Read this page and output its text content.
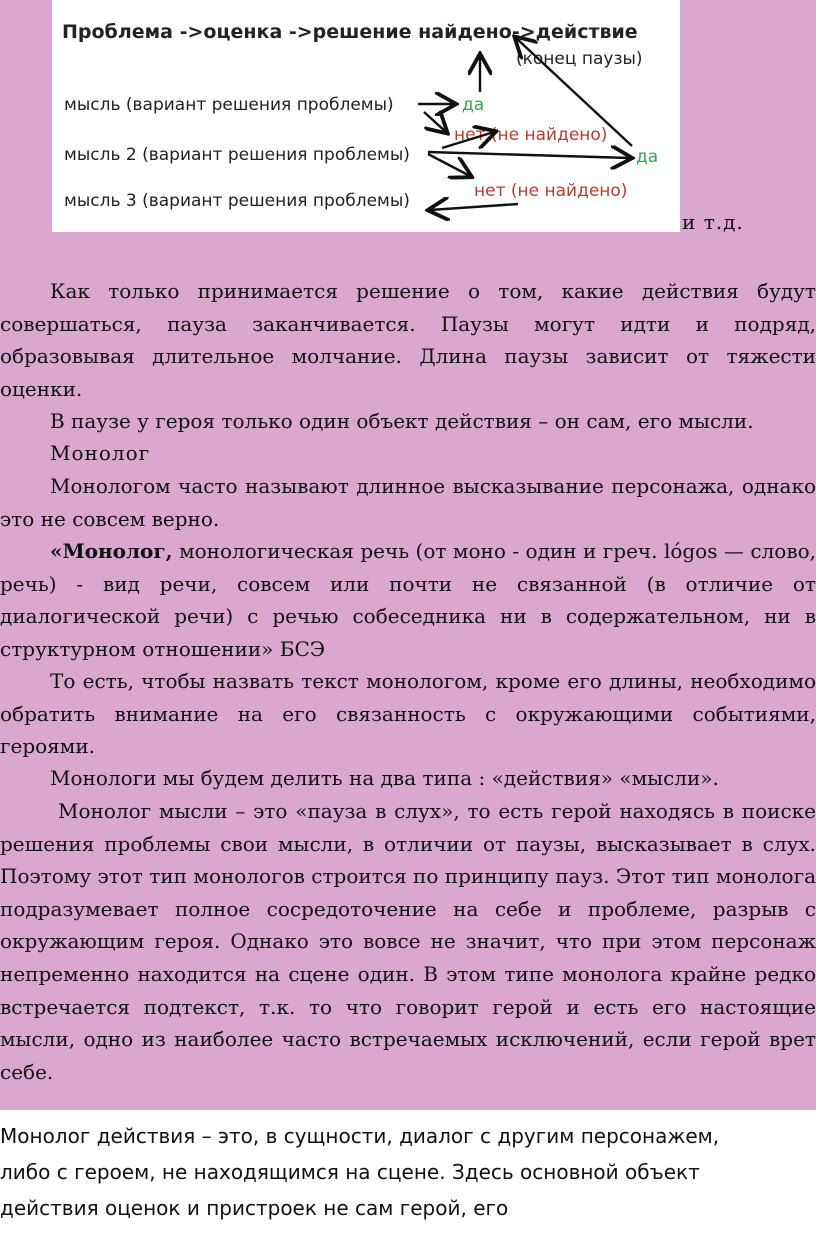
Проблема ->оценка ->решение найдено->действие
(конец паузы)
мысль (вариант решения проблемы)
мысль 2 (вариант решения проблемы)
мысль 3 (вариант решения проблемы)
да
нет (не найдено)
да
нет (не найдено)
и т.д.

Как только принимается решение о том, какие действия будут совершаться, пауза заканчивается. Паузы могут идти и подряд, образовывая длительное молчание. Длина паузы зависит от тяжести оценки.

В паузе у героя только один объект действия – он сам, его мысли.

Монолог

Монологом часто называют длинное высказывание персонажа, однако это не совсем верно.

«Монолог, монологическая речь (от моно - один и греч. lógos — слово, речь) - вид речи, совсем или почти не связанной (в отличие от диалогической речи) с речью собеседника ни в содержательном, ни в структурном отношении» БСЭ

То есть, чтобы назвать текст монологом, кроме его длины, необходимо обратить внимание на его связанность с окружающими событиями, героями.

Монологи мы будем делить на два типа : «действия» «мысли».

Монолог мысли – это «пауза в слух», то есть герой находясь в поиске решения проблемы свои мысли, в отличии от паузы, высказывает в слух. Поэтому этот тип монологов строится по принципу пауз. Этот тип монолога подразумевает полное сосредоточение на себе и проблеме, разрыв с окружающим героя. Однако это вовсе не значит, что при этом персонаж непременно находится на сцене один. В этом типе монолога крайне редко встречается подтекст, т.к. то что говорит герой и есть его настоящие мысли, одно из наиболее часто встречаемых исключений, если герой врет себе.

Монолог действия – это, в сущности, диалог с другим персонажем,
либо с героем, не находящимся на сцене. Здесь основной объект
действия оценок и пристроек не сам герой, его
